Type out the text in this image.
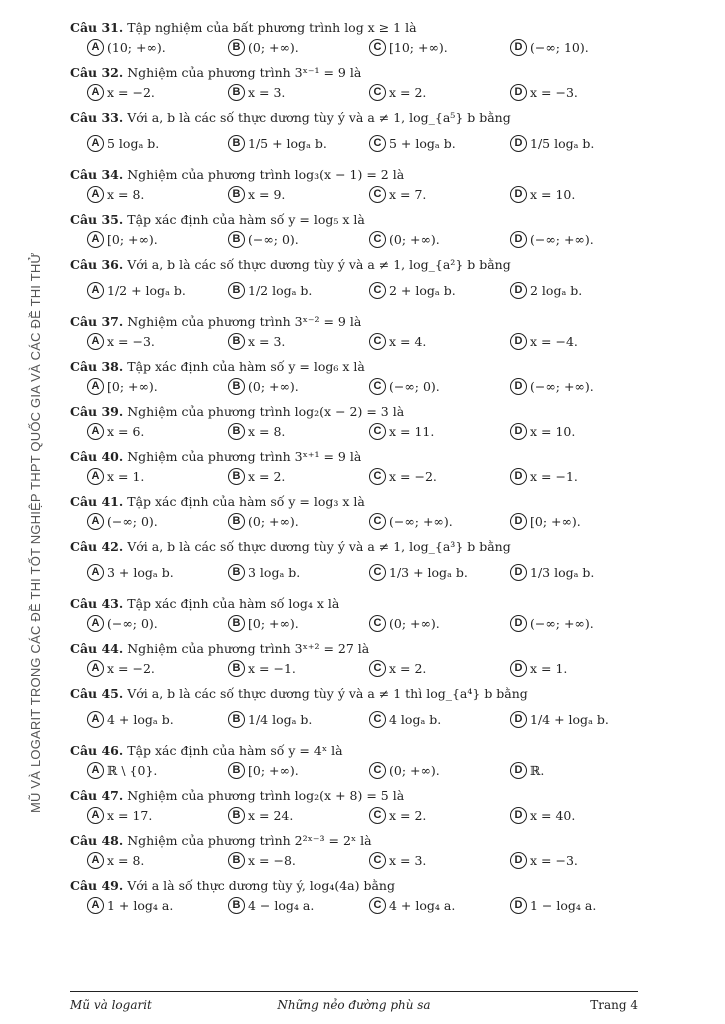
MŨ VÀ LOGARIT TRONG CÁC ĐỀ THI TỐT NGHIỆP THPT QUỐC GIA VÀ CÁC ĐỀ THI THỬ
Câu 31. Tập nghiệm của bất phương trình log x ≥ 1 là
A (10; +∞).	B (0; +∞).	C [10; +∞).	D (−∞; 10).
Câu 32. Nghiệm của phương trình 3ˣ⁻¹ = 9 là
A x = −2.	B x = 3.	C x = 2.	D x = −3.
Câu 33. Với a, b là các số thực dương tùy ý và a ≠ 1, log_{a⁵} b bằng
A 5 logₐ b.	B 1/5 + logₐ b.	C 5 + logₐ b.	D 1/5 logₐ b.
Câu 34. Nghiệm của phương trình log₃(x − 1) = 2 là
A x = 8.	B x = 9.	C x = 7.	D x = 10.
Câu 35. Tập xác định của hàm số y = log₅ x là
A [0; +∞).	B (−∞; 0).	C (0; +∞).	D (−∞; +∞).
Câu 36. Với a, b là các số thực dương tùy ý và a ≠ 1, log_{a²} b bằng
A 1/2 + logₐ b.	B 1/2 logₐ b.	C 2 + logₐ b.	D 2 logₐ b.
Câu 37. Nghiệm của phương trình 3ˣ⁻² = 9 là
A x = −3.	B x = 3.	C x = 4.	D x = −4.
Câu 38. Tập xác định của hàm số y = log₆ x là
A [0; +∞).	B (0; +∞).	C (−∞; 0).	D (−∞; +∞).
Câu 39. Nghiệm của phương trình log₂(x − 2) = 3 là
A x = 6.	B x = 8.	C x = 11.	D x = 10.
Câu 40. Nghiệm của phương trình 3ˣ⁺¹ = 9 là
A x = 1.	B x = 2.	C x = −2.	D x = −1.
Câu 41. Tập xác định của hàm số y = log₃ x là
A (−∞; 0).	B (0; +∞).	C (−∞; +∞).	D [0; +∞).
Câu 42. Với a, b là các số thực dương tùy ý và a ≠ 1, log_{a³} b bằng
A 3 + logₐ b.	B 3 logₐ b.	C 1/3 + logₐ b.	D 1/3 logₐ b.
Câu 43. Tập xác định của hàm số log₄ x là
A (−∞; 0).	B [0; +∞).	C (0; +∞).	D (−∞; +∞).
Câu 44. Nghiệm của phương trình 3ˣ⁺² = 27 là
A x = −2.	B x = −1.	C x = 2.	D x = 1.
Câu 45. Với a, b là các số thực dương tùy ý và a ≠ 1 thì log_{a⁴} b bằng
A 4 + logₐ b.	B 1/4 logₐ b.	C 4 logₐ b.	D 1/4 + logₐ b.
Câu 46. Tập xác định của hàm số y = 4ˣ là
A ℝ \ {0}.	B [0; +∞).	C (0; +∞).	D ℝ.
Câu 47. Nghiệm của phương trình log₂(x + 8) = 5 là
A x = 17.	B x = 24.	C x = 2.	D x = 40.
Câu 48. Nghiệm của phương trình 2²ˣ⁻³ = 2ˣ là
A x = 8.	B x = −8.	C x = 3.	D x = −3.
Câu 49. Với a là số thực dương tùy ý, log₄(4a) bằng
A 1 + log₄ a.	B 4 − log₄ a.	C 4 + log₄ a.	D 1 − log₄ a.
Mũ và logarit	Những nẻo đường phù sa	Trang 4
